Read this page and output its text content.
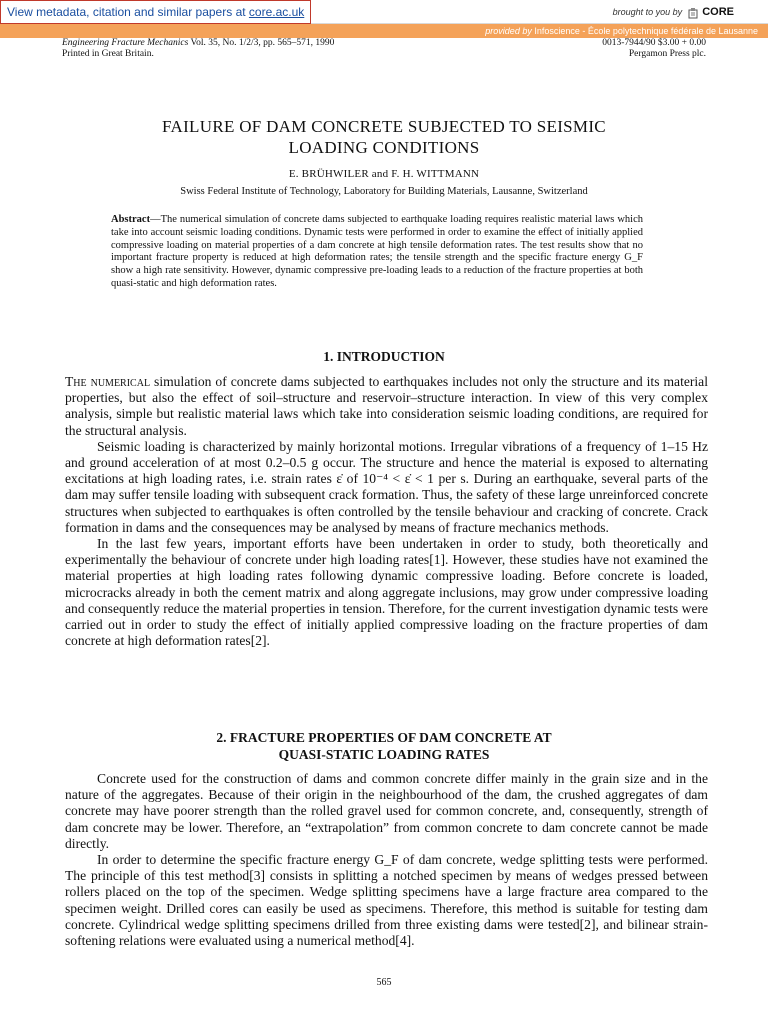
View metadata, citation and similar papers at core.ac.uk	brought to you by CORE
provided by Infoscience - École polytechnique fédérale de Lausanne
Engineering Fracture Mechanics Vol. 35, No. 1/2/3, pp. 565–571, 1990
Printed in Great Britain.
0013-7944/90 $3.00 + 0.00
Pergamon Press plc.
FAILURE OF DAM CONCRETE SUBJECTED TO SEISMIC
LOADING CONDITIONS
E. BRÜHWILER and F. H. WITTMANN
Swiss Federal Institute of Technology, Laboratory for Building Materials, Lausanne, Switzerland

Abstract—The numerical simulation of concrete dams subjected to earthquake loading requires realistic material laws which take into account seismic loading conditions. Dynamic tests were performed in order to examine the effect of initially applied compressive loading on material properties of a dam concrete at high tensile deformation rates. The test results show that no important fracture property is reduced at high deformation rates; the tensile strength and the specific fracture energy G_F show a high rate sensitivity. However, dynamic compressive pre-loading leads to a reduction of the fracture properties at both quasi-static and high deformation rates.

1. INTRODUCTION

The numerical simulation of concrete dams subjected to earthquakes includes not only the structure and its material properties, but also the effect of soil–structure and reservoir–structure interaction. In view of this very complex analysis, simple but realistic material laws which take into consideration seismic loading conditions, are required for the structural analysis.

Seismic loading is characterized by mainly horizontal motions. Irregular vibrations of a frequency of 1–15 Hz and ground acceleration of at most 0.2–0.5 g occur. The structure and hence the material is exposed to alternating excitations at high loading rates, i.e. strain rates ε̇ of 10⁻⁴ < ε̇ < 1 per s. During an earthquake, several parts of the dam may suffer tensile loading with subsequent crack formation. Thus, the safety of these large unreinforced concrete structures when subjected to earthquakes is often controlled by the tensile behaviour and cracking of concrete. Crack formation in dams and the consequences may be analysed by means of fracture mechanics methods.

In the last few years, important efforts have been undertaken in order to study, both theoretically and experimentally the behaviour of concrete under high loading rates[1]. However, these studies have not examined the material properties at high loading rates following dynamic compressive loading. Before concrete is loaded, microcracks already in both the cement matrix and along aggregate inclusions, may grow under compressive loading and consequently reduce the material properties in tension. Therefore, for the current investigation dynamic tests were carried out in order to study the effect of initially applied compressive loading on the fracture properties of dam concrete at high deformation rates[2].

2. FRACTURE PROPERTIES OF DAM CONCRETE AT
QUASI-STATIC LOADING RATES

Concrete used for the construction of dams and common concrete differ mainly in the grain size and in the nature of the aggregates. Because of their origin in the neighbourhood of the dam, the crushed aggregates of dam concrete may have poorer strength than the rolled gravel used for common concrete, and, consequently, strength of dam concrete may be lower. Therefore, an “extrapolation” from common concrete to dam concrete cannot be made directly.

In order to determine the specific fracture energy G_F of dam concrete, wedge splitting tests were performed. The principle of this test method[3] consists in splitting a notched specimen by means of wedges pressed between rollers placed on the top of the specimen. Wedge splitting specimens have a large fracture area compared to the specimen weight. Drilled cores can easily be used as specimens. Therefore, this method is suitable for testing dam concrete. Cylindrical wedge splitting specimens drilled from three existing dams were tested[2], and bilinear strain-softening relations were evaluated using a numerical method[4].

565
